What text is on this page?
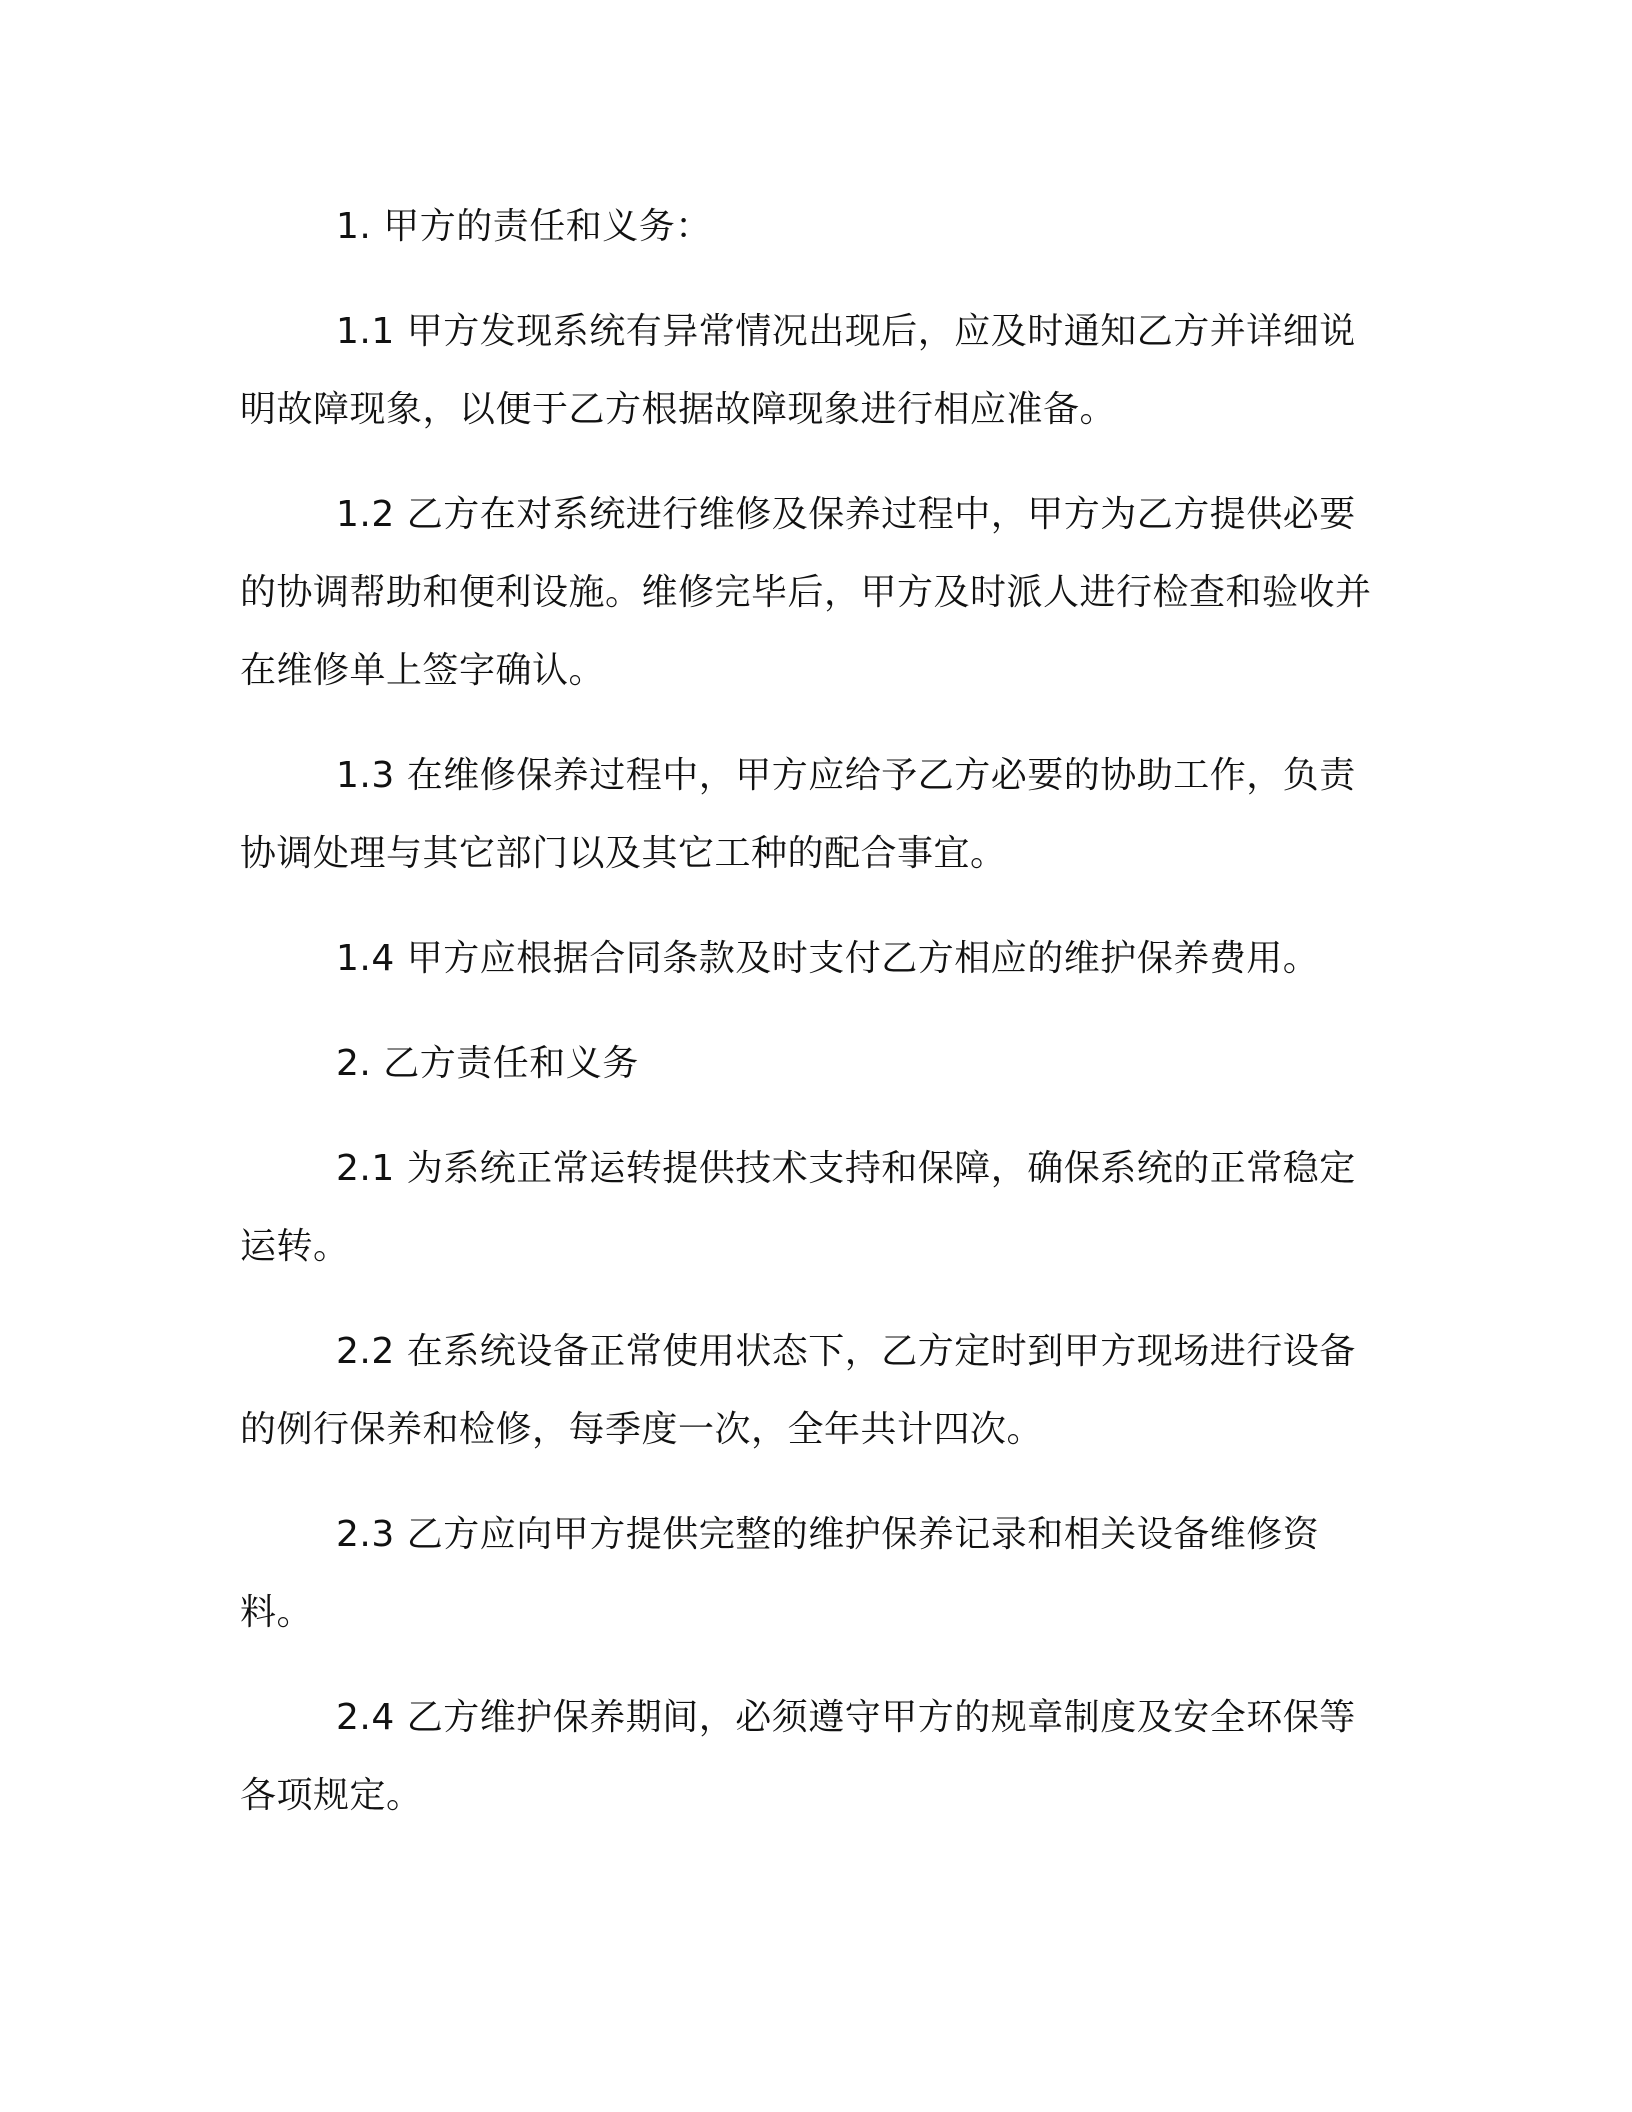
1. 甲方的责任和义务：

1.1 甲方发现系统有异常情况出现后，应及时通知乙方并详细说明故障现象，以便于乙方根据故障现象进行相应准备。

1.2 乙方在对系统进行维修及保养过程中，甲方为乙方提供必要的协调帮助和便利设施。维修完毕后，甲方及时派人进行检查和验收并在维修单上签字确认。

1.3 在维修保养过程中，甲方应给予乙方必要的协助工作，负责协调处理与其它部门以及其它工种的配合事宜。

1.4 甲方应根据合同条款及时支付乙方相应的维护保养费用。

2. 乙方责任和义务

2.1 为系统正常运转提供技术支持和保障，确保系统的正常稳定运转。

2.2 在系统设备正常使用状态下，乙方定时到甲方现场进行设备的例行保养和检修，每季度一次，全年共计四次。

2.3 乙方应向甲方提供完整的维护保养记录和相关设备维修资料。

2.4 乙方维护保养期间，必须遵守甲方的规章制度及安全环保等各项规定。
